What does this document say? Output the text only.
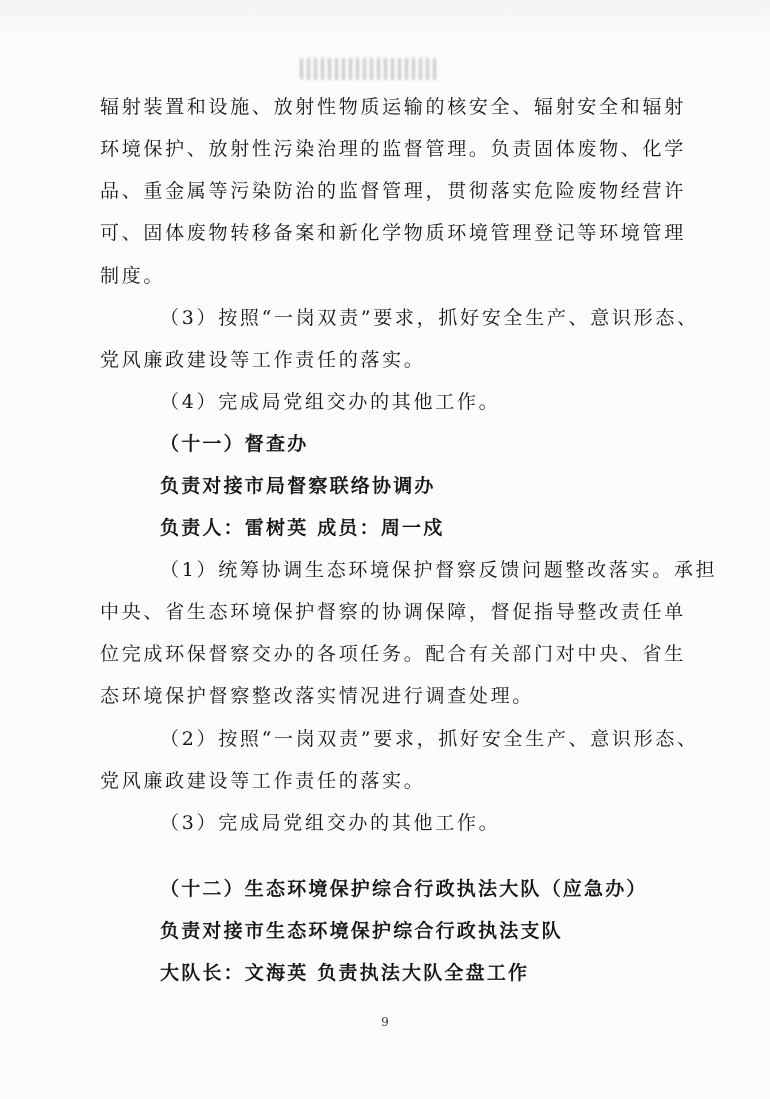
辐射装置和设施、放射性物质运输的核安全、辐射安全和辐射
环境保护、放射性污染治理的监督管理。负责固体废物、化学
品、重金属等污染防治的监督管理，贯彻落实危险废物经营许
可、固体废物转移备案和新化学物质环境管理登记等环境管理
制度。
（3）按照“一岗双责”要求，抓好安全生产、意识形态、
党风廉政建设等工作责任的落实。
（4）完成局党组交办的其他工作。
（十一）督查办
负责对接市局督察联络协调办
负责人：雷树英 成员：周一戍
（1）统筹协调生态环境保护督察反馈问题整改落实。承担
中央、省生态环境保护督察的协调保障，督促指导整改责任单
位完成环保督察交办的各项任务。配合有关部门对中央、省生
态环境保护督察整改落实情况进行调查处理。
（2）按照“一岗双责”要求，抓好安全生产、意识形态、
党风廉政建设等工作责任的落实。
（3）完成局党组交办的其他工作。
（十二）生态环境保护综合行政执法大队（应急办）
负责对接市生态环境保护综合行政执法支队
大队长：文海英 负责执法大队全盘工作
9
